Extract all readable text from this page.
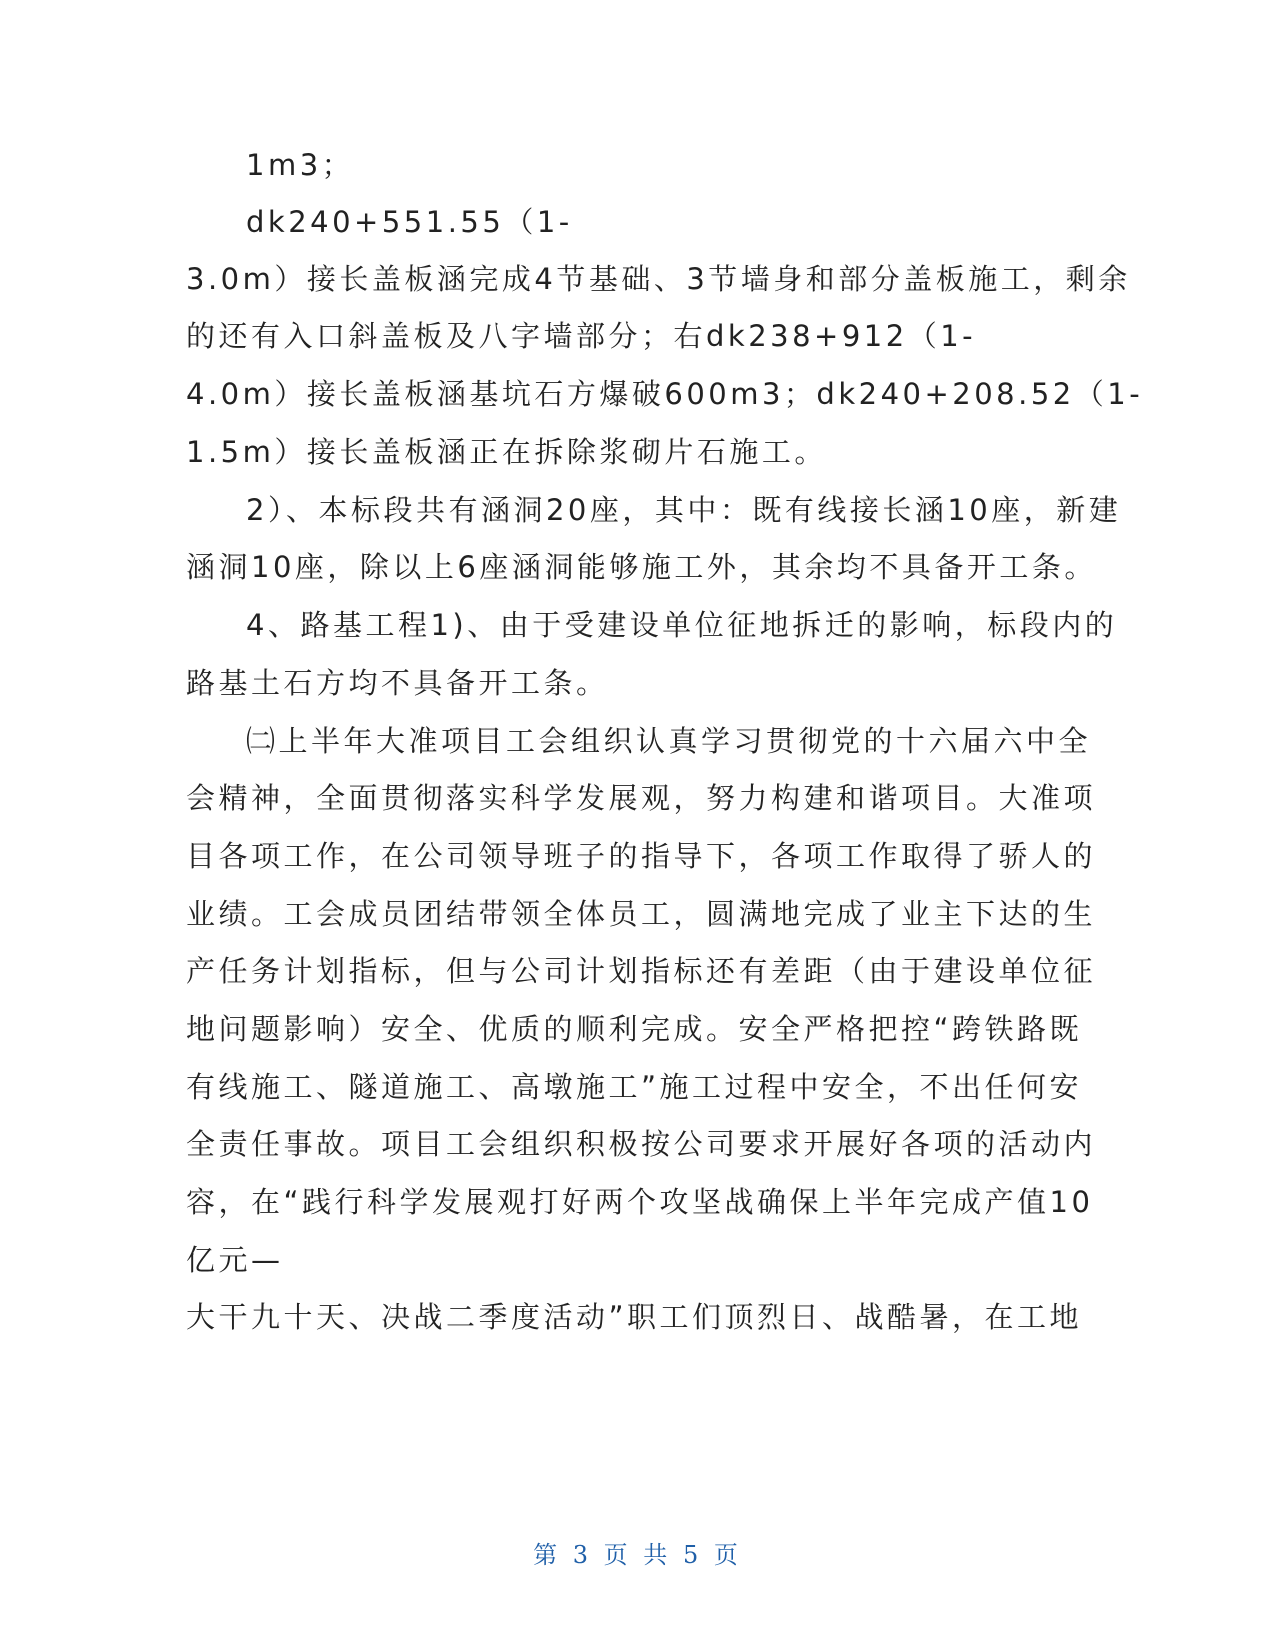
1m3；
dk240+551.55（1-
3.0m）接长盖板涵完成4节基础、3节墙身和部分盖板施工，剩余
的还有入口斜盖板及八字墙部分；右dk238+912（1-
4.0m）接长盖板涵基坑石方爆破600m3；dk240+208.52（1-
1.5m）接长盖板涵正在拆除浆砌片石施工。
2）、本标段共有涵洞20座，其中：既有线接长涵10座，新建
涵洞10座，除以上6座涵洞能够施工外，其余均不具备开工条。
4、路基工程1)、由于受建设单位征地拆迁的影响，标段内的
路基土石方均不具备开工条。
㈡上半年大准项目工会组织认真学习贯彻党的十六届六中全
会精神，全面贯彻落实科学发展观，努力构建和谐项目。大准项
目各项工作，在公司领导班子的指导下，各项工作取得了骄人的
业绩。工会成员团结带领全体员工，圆满地完成了业主下达的生
产任务计划指标，但与公司计划指标还有差距（由于建设单位征
地问题影响）安全、优质的顺利完成。安全严格把控“跨铁路既
有线施工、隧道施工、高墩施工”施工过程中安全，不出任何安
全责任事故。项目工会组织积极按公司要求开展好各项的活动内
容，在“践行科学发展观打好两个攻坚战确保上半年完成产值10
亿元—
大干九十天、决战二季度活动”职工们顶烈日、战酷暑，在工地
第 3 页 共 5 页
